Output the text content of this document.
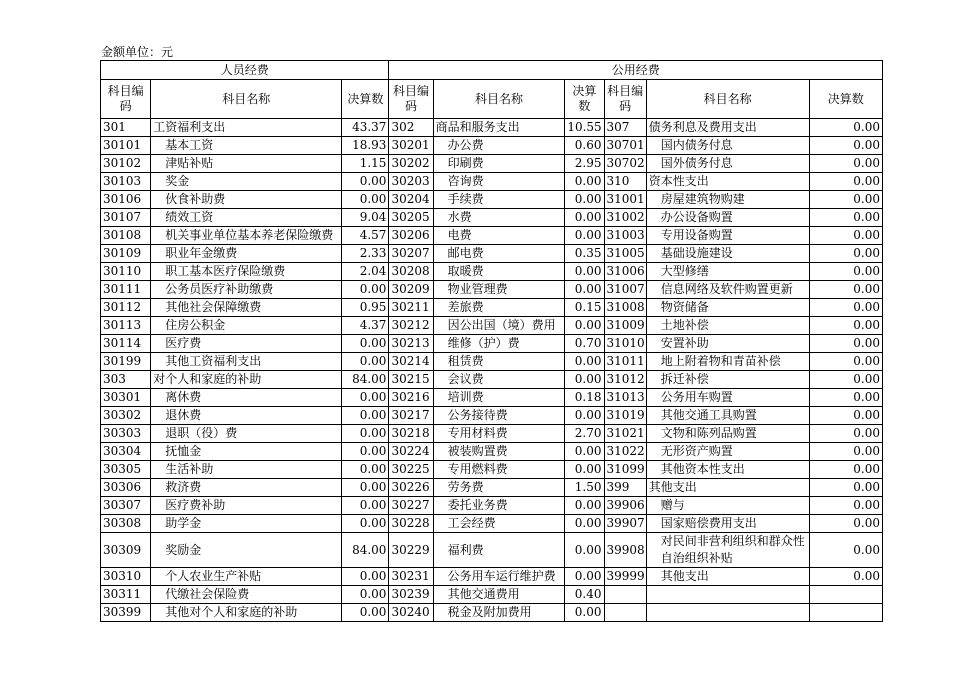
金额单位：元
人员经费			公用经费					
科目编码	科目名称	决算数	科目编码	科目名称	决算数	科目编码	科目名称	决算数
301	工资福利支出	43.37	302	商品和服务支出	10.55	307	债务利息及费用支出	0.00
30101	基本工资	18.93	30201	办公费	0.60	30701	国内债务付息	0.00
30102	津贴补贴	1.15	30202	印刷费	2.95	30702	国外债务付息	0.00
30103	奖金	0.00	30203	咨询费	0.00	310	资本性支出	0.00
30106	伙食补助费	0.00	30204	手续费	0.00	31001	房屋建筑物购建	0.00
30107	绩效工资	9.04	30205	水费	0.00	31002	办公设备购置	0.00
30108	机关事业单位基本养老保险缴费	4.57	30206	电费	0.00	31003	专用设备购置	0.00
30109	职业年金缴费	2.33	30207	邮电费	0.35	31005	基础设施建设	0.00
30110	职工基本医疗保险缴费	2.04	30208	取暖费	0.00	31006	大型修缮	0.00
30111	公务员医疗补助缴费	0.00	30209	物业管理费	0.00	31007	信息网络及软件购置更新	0.00
30112	其他社会保障缴费	0.95	30211	差旅费	0.15	31008	物资储备	0.00
30113	住房公积金	4.37	30212	因公出国（境）费用	0.00	31009	土地补偿	0.00
30114	医疗费	0.00	30213	维修（护）费	0.70	31010	安置补助	0.00
30199	其他工资福利支出	0.00	30214	租赁费	0.00	31011	地上附着物和青苗补偿	0.00
303	对个人和家庭的补助	84.00	30215	会议费	0.00	31012	拆迁补偿	0.00
30301	离休费	0.00	30216	培训费	0.18	31013	公务用车购置	0.00
30302	退休费	0.00	30217	公务接待费	0.00	31019	其他交通工具购置	0.00
30303	退职（役）费	0.00	30218	专用材料费	2.70	31021	文物和陈列品购置	0.00
30304	抚恤金	0.00	30224	被装购置费	0.00	31022	无形资产购置	0.00
30305	生活补助	0.00	30225	专用燃料费	0.00	31099	其他资本性支出	0.00
30306	救济费	0.00	30226	劳务费	1.50	399	其他支出	0.00
30307	医疗费补助	0.00	30227	委托业务费	0.00	39906	赠与	0.00
30308	助学金	0.00	30228	工会经费	0.00	39907	国家赔偿费用支出	0.00
30309	奖励金	84.00	30229	福利费	0.00	39908	对民间非营利组织和群众性自治组织补贴	0.00
30310	个人农业生产补贴	0.00	30231	公务用车运行维护费	0.00	39999	其他支出	0.00
30311	代缴社会保险费	0.00	30239	其他交通费用	0.40			
30399	其他对个人和家庭的补助	0.00	30240	税金及附加费用	0.00			
